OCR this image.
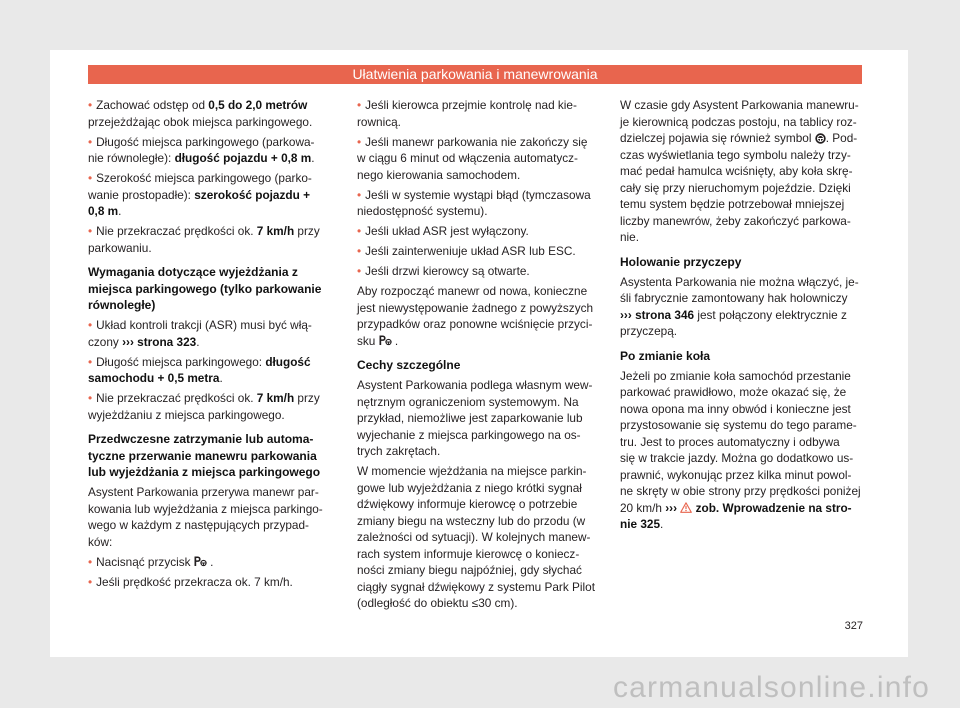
Ułatwienia parkowania i manewrowania
• Zachować odstęp od 0,5 do 2,0 metrów
przejeżdżając obok miejsca parkingowego.
• Długość miejsca parkingowego (parkowa-
nie równoległe): długość pojazdu + 0,8 m.
• Szerokość miejsca parkingowego (parko-
wanie prostopadłe): szerokość pojazdu +
0,8 m.
• Nie przekraczać prędkości ok. 7 km/h przy
parkowaniu.
Wymagania dotyczące wyjeżdżania z
miejsca parkingowego (tylko parkowanie
równoległe)
• Układ kontroli trakcji (ASR) musi być włą-
czony ››› strona 323.
• Długość miejsca parkingowego: długość
samochodu + 0,5 metra.
• Nie przekraczać prędkości ok. 7 km/h przy
wyjeżdżaniu z miejsca parkingowego.
Przedwczesne zatrzymanie lub automa-
tyczne przerwanie manewru parkowania
lub wyjeżdżania z miejsca parkingowego
Asystent Parkowania przerywa manewr par-
kowania lub wyjeżdżania z miejsca parkingo-
wego w każdym z następujących przypad-
ków:
• Nacisnąć przycisk  .
• Jeśli prędkość przekracza ok. 7 km/h.
• Jeśli kierowca przejmie kontrolę nad kie-
rownicą.
• Jeśli manewr parkowania nie zakończy się
w ciągu 6 minut od włączenia automatycz-
nego kierowania samochodem.
• Jeśli w systemie wystąpi błąd (tymczasowa
niedostępność systemu).
• Jeśli układ ASR jest wyłączony.
• Jeśli zainterweniuje układ ASR lub ESC.
• Jeśli drzwi kierowcy są otwarte.
Aby rozpocząć manewr od nowa, konieczne
jest niewystępowanie żadnego z powyższych
przypadków oraz ponowne wciśnięcie przyci-
sku  .
Cechy szczególne
Asystent Parkowania podlega własnym wew-
nętrznym ograniczeniom systemowym. Na
przykład, niemożliwe jest zaparkowanie lub
wyjechanie z miejsca parkingowego na os-
trych zakrętach.
W momencie wjeżdżania na miejsce parkin-
gowe lub wyjeżdżania z niego krótki sygnał
dźwiękowy informuje kierowcę o potrzebie
zmiany biegu na wsteczny lub do przodu (w
zależności od sytuacji). W kolejnych manew-
rach system informuje kierowcę o koniecz-
ności zmiany biegu najpóźniej, gdy słychać
ciągły sygnał dźwiękowy z systemu Park Pilot
(odległość do obiektu ≤30 cm).
W czasie gdy Asystent Parkowania manewru-
je kierownicą podczas postoju, na tablicy roz-
dzielczej pojawia się również symbol . Pod-
czas wyświetlania tego symbolu należy trzy-
mać pedał hamulca wciśnięty, aby koła skrę-
cały się przy nieruchomym pojeździe. Dzięki
temu system będzie potrzebował mniejszej
liczby manewrów, żeby zakończyć parkowa-
nie.
Holowanie przyczepy
Asystenta Parkowania nie można włączyć, je-
śli fabrycznie zamontowany hak holowniczy
››› strona 346 jest połączony elektrycznie z
przyczepą.
Po zmianie koła
Jeżeli po zmianie koła samochód przestanie
parkować prawidłowo, może okazać się, że
nowa opona ma inny obwód i konieczne jest
przystosowanie się systemu do tego parame-
tru. Jest to proces automatyczny i odbywa
się w trakcie jazdy. Można go dodatkowo us-
prawnić, wykonując przez kilka minut powol-
ne skręty w obie strony przy prędkości poniżej
20 km/h ››› zob. Wprowadzenie na stro-
nie 325.
327
carmanualsonline.info
